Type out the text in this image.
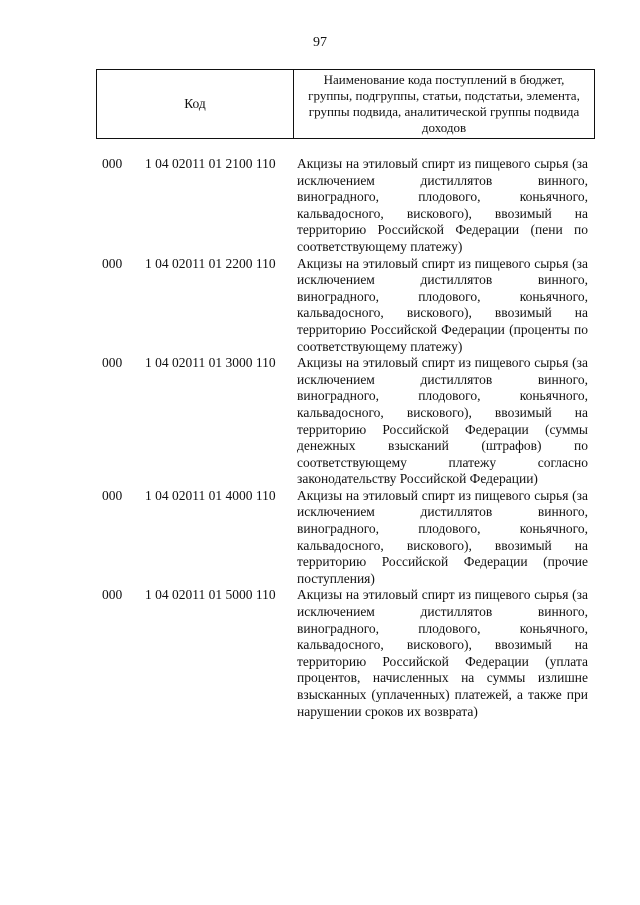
97
Код
Наименование кода поступлений в бюджет, группы, подгруппы, статьи, подстатьи, элемента, группы подвида, аналитической группы подвида доходов
000 1 04 02011 01 2100 110 Акцизы на этиловый спирт из пищевого сырья (за исключением дистиллятов винного, виноградного, плодового, коньячного, кальвадосного, вискового), ввозимый на территорию Российской Федерации (пени по соответствующему платежу)
000 1 04 02011 01 2200 110 Акцизы на этиловый спирт из пищевого сырья (за исключением дистиллятов винного, виноградного, плодового, коньячного, кальвадосного, вискового), ввозимый на территорию Российской Федерации (проценты по соответствующему платежу)
000 1 04 02011 01 3000 110 Акцизы на этиловый спирт из пищевого сырья (за исключением дистиллятов винного, виноградного, плодового, коньячного, кальвадосного, вискового), ввозимый на территорию Российской Федерации (суммы денежных взысканий (штрафов) по соответствующему платежу согласно законодательству Российской Федерации)
000 1 04 02011 01 4000 110 Акцизы на этиловый спирт из пищевого сырья (за исключением дистиллятов винного, виноградного, плодового, коньячного, кальвадосного, вискового), ввозимый на территорию Российской Федерации (прочие поступления)
000 1 04 02011 01 5000 110 Акцизы на этиловый спирт из пищевого сырья (за исключением дистиллятов винного, виноградного, плодового, коньячного, кальвадосного, вискового), ввозимый на территорию Российской Федерации (уплата процентов, начисленных на суммы излишне взысканных (уплаченных) платежей, а также при нарушении сроков их возврата)
